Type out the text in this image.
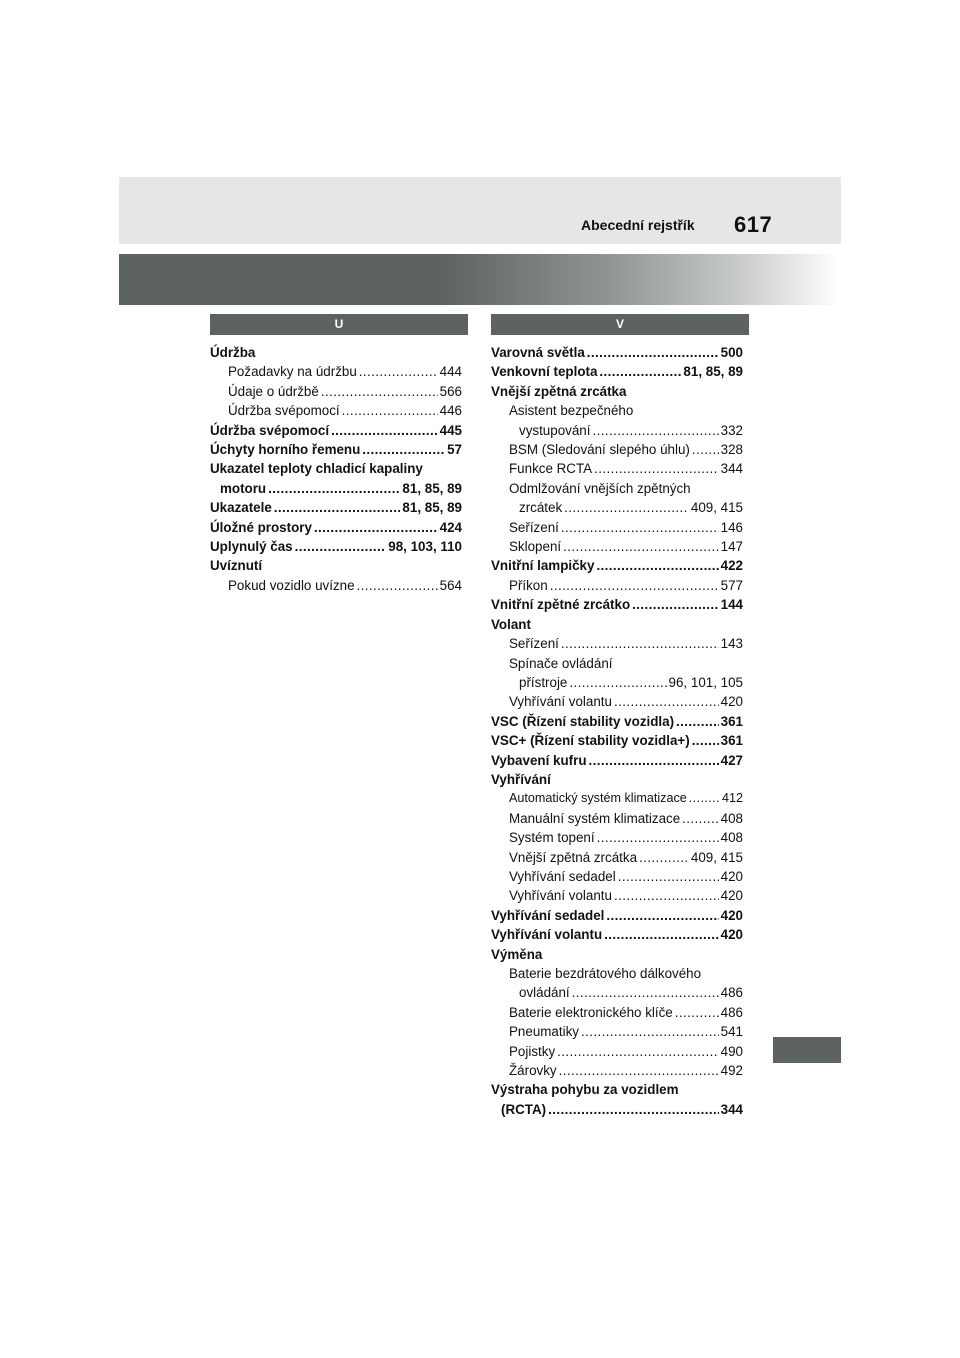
Abecední rejstřík 617
U	V
Údržba
Požadavky na údržbu .....	444
Údaje o údržbě .....	566
Údržba svépomocí .....	446
Údržba svépomocí .....	445
Úchyty horního řemenu .....	57
Ukazatel teploty chladicí kapaliny
motoru .....	81, 85, 89
Ukazatele .....	81, 85, 89
Úložné prostory .....	424
Uplynulý čas .....	98, 103, 110
Uvíznutí
Pokud vozidlo uvízne .....	564
Varovná světla .....	500
Venkovní teplota .....	81, 85, 89
Vnější zpětná zrcátka
Asistent bezpečného
vystupování .....	332
BSM (Sledování slepého úhlu) ..... 328
Funkce RCTA .....	344
Odmlžování vnějších zpětných
zrcátek .....	409, 415
Seřízení .....	146
Sklopení .....	147
Vnitřní lampičky .....	422
Příkon .....	577
Vnitřní zpětné zrcátko .....	144
Volant
Seřízení .....	143
Spínače ovládání
přístroje .....	96, 101, 105
Vyhřívání volantu .....	420
VSC (Řízení stability vozidla) .....	361
VSC+ (Řízení stability vozidla+) ..... 361
Vybavení kufru .....	427
Vyhřívání
Automatický systém klimatizace .....	412
Manuální systém klimatizace .....	408
Systém topení .....	408
Vnější zpětná zrcátka .....	409, 415
Vyhřívání sedadel .....	420
Vyhřívání volantu .....	420
Vyhřívání sedadel .....	420
Vyhřívání volantu .....	420
Výměna
Baterie bezdrátového dálkového
ovládání .....	486
Baterie elektronického klíče .....	486
Pneumatiky .....	541
Pojistky .....	490
Žárovky .....	492
Výstraha pohybu za vozidlem
(RCTA) .....	344
